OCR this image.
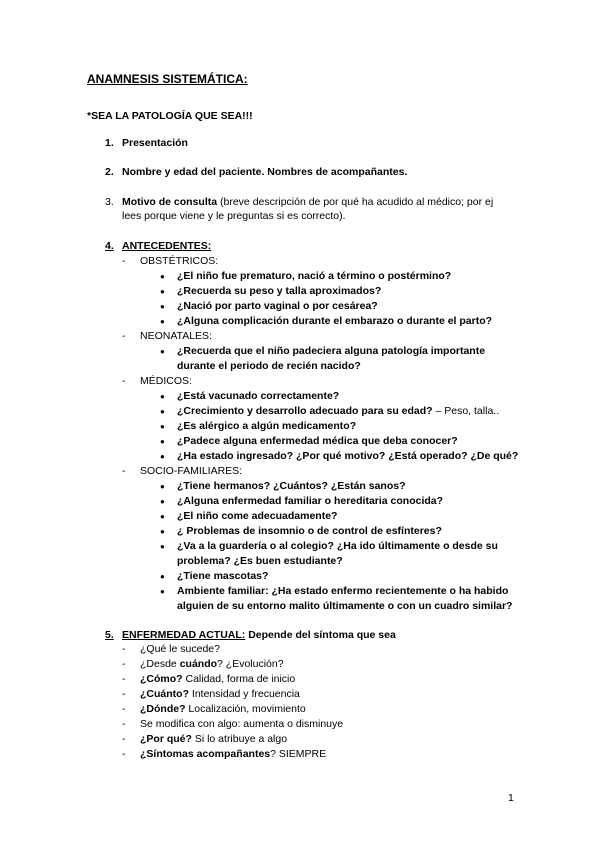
ANAMNESIS SISTEMÁTICA:
*SEA LA PATOLOGÍA QUE SEA!!!
1. Presentación
2. Nombre y edad del paciente. Nombres de acompañantes.
3. Motivo de consulta (breve descripción de por qué ha acudido al médico; por ej
lees porque viene y le preguntas si es correcto).
4. ANTECEDENTES:
- OBSTÉTRICOS:
● ¿El niño fue prematuro, nació a término o postérmino?
● ¿Recuerda su peso y talla aproximados?
● ¿Nació por parto vaginal o por cesárea?
● ¿Alguna complicación durante el embarazo o durante el parto?
- NEONATALES:
● ¿Recuerda que el niño padeciera alguna patología importante
durante el periodo de recién nacido?
- MÉDICOS:
● ¿Está vacunado correctamente?
● ¿Crecimiento y desarrollo adecuado para su edad? – Peso, talla..
● ¿Es alérgico a algún medicamento?
● ¿Padece alguna enfermedad médica que deba conocer?
● ¿Ha estado ingresado? ¿Por qué motivo? ¿Está operado? ¿De qué?
- SOCIO-FAMILIARES:
● ¿Tiene hermanos? ¿Cuántos? ¿Están sanos?
● ¿Alguna enfermedad familiar o hereditaria conocida?
● ¿El niño come adecuadamente?
● ¿ Problemas de insomnio o de control de esfínteres?
● ¿Va a la guardería o al colegio? ¿Ha ido últimamente o desde su
problema? ¿Es buen estudiante?
● ¿Tiene mascotas?
● Ambiente familiar: ¿Ha estado enfermo recientemente o ha habido
alguien de su entorno malito últimamente o con un cuadro similar?
5. ENFERMEDAD ACTUAL: Depende del síntoma que sea
- ¿Qué le sucede?
- ¿Desde cuándo? ¿Evolución?
- ¿Cómo? Calidad, forma de inicio
- ¿Cuánto? Intensidad y frecuencia
- ¿Dónde? Localización, movimiento
- Se modifica con algo: aumenta o disminuye
- ¿Por qué? Si lo atribuye a algo
- ¿Síntomas acompañantes? SIEMPRE
1
